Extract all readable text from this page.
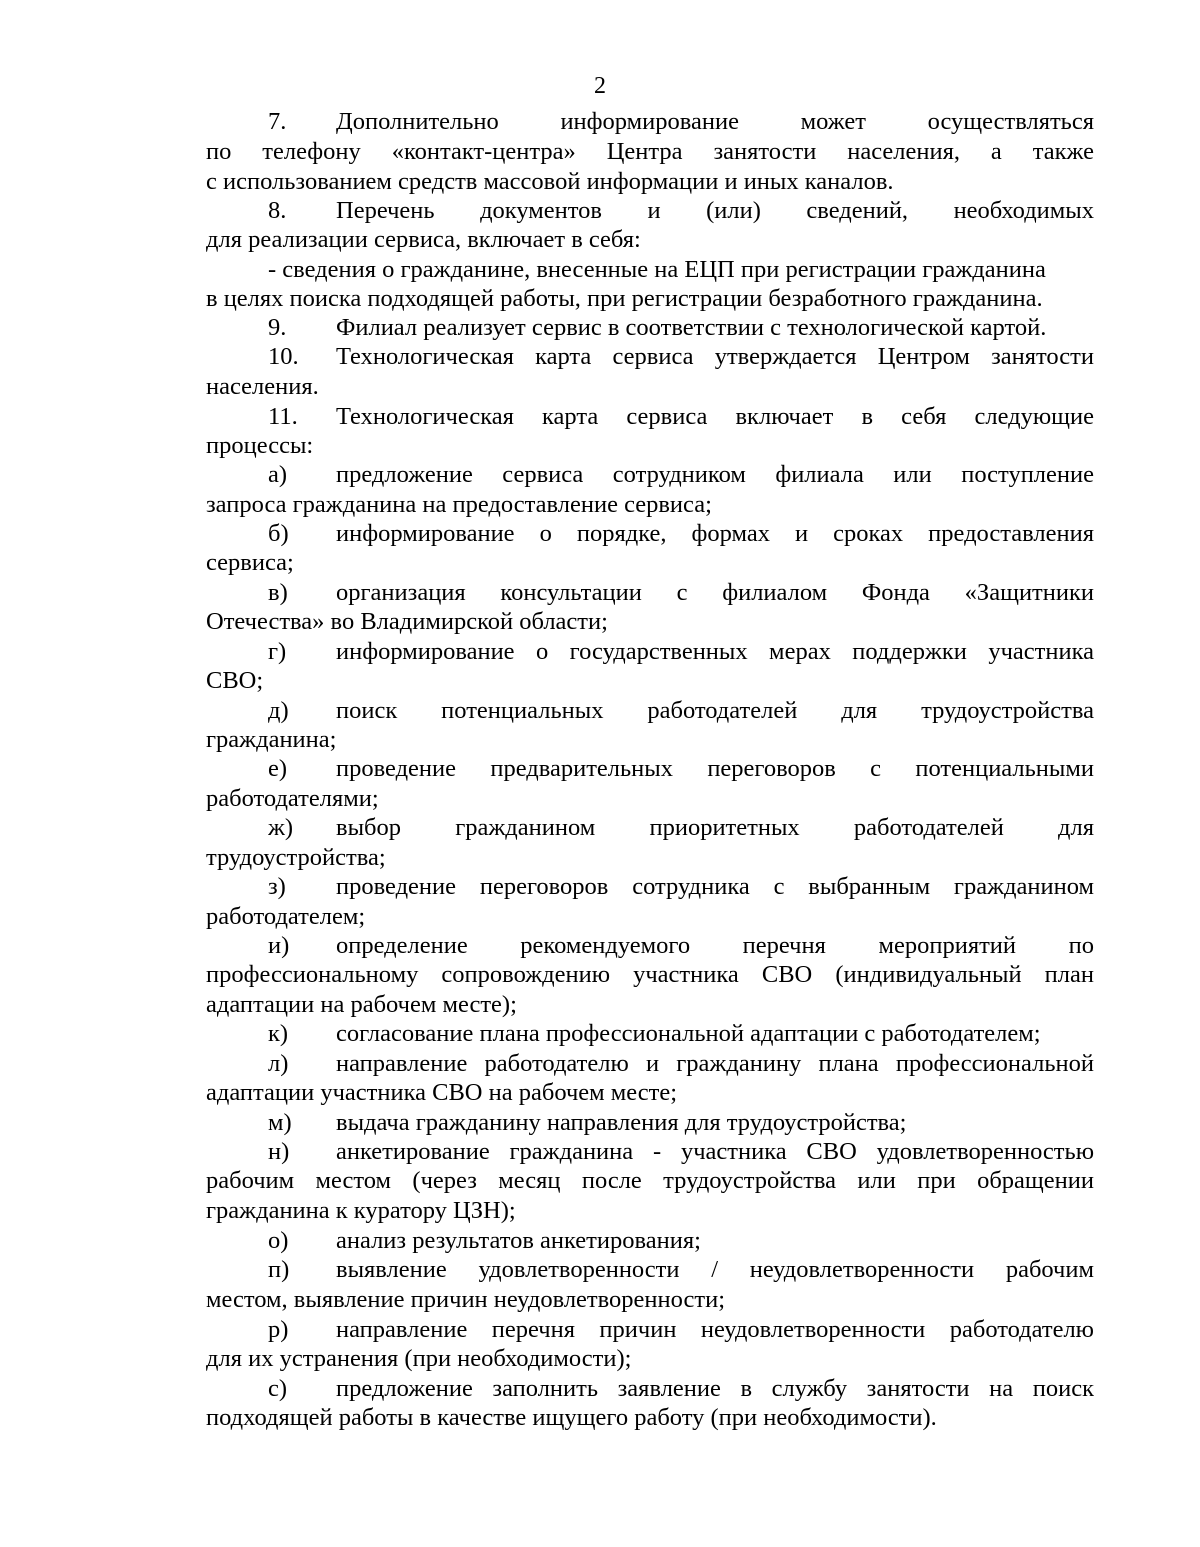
2
7. Дополнительно информирование может осуществляться
по телефону «контакт-центра» Центра занятости населения, а также
с использованием средств массовой информации и иных каналов.
8. Перечень документов и (или) сведений, необходимых
для реализации сервиса, включает в себя:
- сведения о гражданине, внесенные на ЕЦП при регистрации гражданина
в целях поиска подходящей работы, при регистрации безработного гражданина.
9. Филиал реализует сервис в соответствии с технологической картой.
10. Технологическая карта сервиса утверждается Центром занятости
населения.
11. Технологическая карта сервиса включает в себя следующие
процессы:
а) предложение сервиса сотрудником филиала или поступление
запроса гражданина на предоставление сервиса;
б) информирование о порядке, формах и сроках предоставления
сервиса;
в) организация консультации с филиалом Фонда «Защитники
Отечества» во Владимирской области;
г) информирование о государственных мерах поддержки участника
СВО;
д) поиск потенциальных работодателей для трудоустройства
гражданина;
е) проведение предварительных переговоров с потенциальными
работодателями;
ж) выбор гражданином приоритетных работодателей для
трудоустройства;
з) проведение переговоров сотрудника с выбранным гражданином
работодателем;
и) определение рекомендуемого перечня мероприятий по
профессиональному сопровождению участника СВО (индивидуальный план
адаптации на рабочем месте);
к) согласование плана профессиональной адаптации с работодателем;
л) направление работодателю и гражданину плана профессиональной
адаптации участника СВО на рабочем месте;
м) выдача гражданину направления для трудоустройства;
н) анкетирование гражданина - участника СВО удовлетворенностью
рабочим местом (через месяц после трудоустройства или при обращении
гражданина к куратору ЦЗН);
о) анализ результатов анкетирования;
п) выявление удовлетворенности / неудовлетворенности рабочим
местом, выявление причин неудовлетворенности;
р) направление перечня причин неудовлетворенности работодателю
для их устранения (при необходимости);
с) предложение заполнить заявление в службу занятости на поиск
подходящей работы в качестве ищущего работу (при необходимости).
